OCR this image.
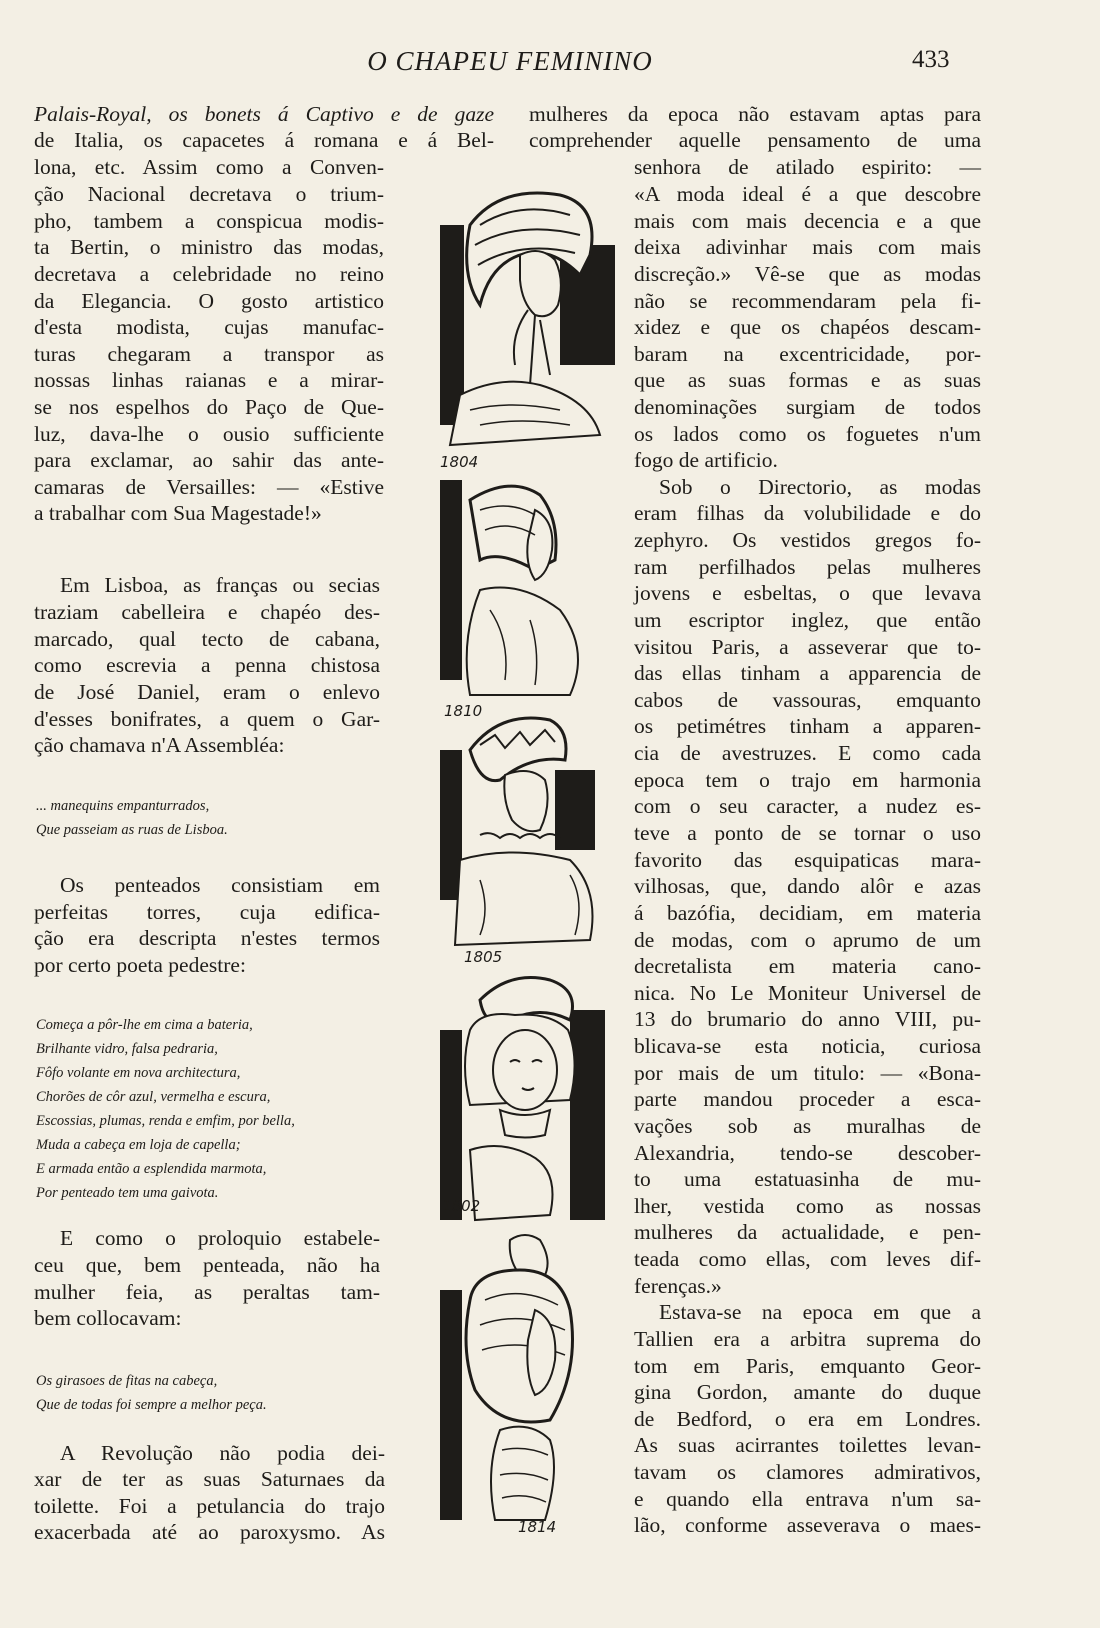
O CHAPEU FEMININO	433
Palais-Royal, os bonets á Captivo e de gaze
de Italia, os capacetes á romana e á Bel-
lona, etc. Assim como a Conven-
ção Nacional decretava o trium-
pho, tambem a conspicua modis-
ta Bertin, o ministro das modas,
decretava a celebridade no reino
da Elegancia. O gosto artistico
d'esta modista, cujas manufac-
turas chegaram a transpor as
nossas linhas raianas e a mirar-
se nos espelhos do Paço de Que-
luz, dava-lhe o ousio sufficiente
para exclamar, ao sahir das ante-
camaras de Versailles: — «Estive
a trabalhar com Sua Magestade!»
Em Lisboa, as franças ou secias
traziam cabelleira e chapéo des-
marcado, qual tecto de cabana,
como escrevia a penna chistosa
de José Daniel, eram o enlevo
d'esses bonifrates, a quem o Gar-
ção chamava n'A Assembléa:
... manequins empanturrados,
Que passeiam as ruas de Lisboa.
Os penteados consistiam em
perfeitas torres, cuja edifica-
ção era descripta n'estes termos
por certo poeta pedestre:
Começa a pôr-lhe em cima a bateria,
Brilhante vidro, falsa pedraria,
Fôfo volante em nova architectura,
Chorões de côr azul, vermelha e escura,
Escossias, plumas, renda e emfim, por bella,
Muda a cabeça em loja de capella;
E armada então a esplendida marmota,
Por penteado tem uma gaivota.
E como o proloquio estabele-
ceu que, bem penteada, não ha
mulher feia, as peraltas tam-
bem collocavam:
Os girasoes de fitas na cabeça,
Que de todas foi sempre a melhor peça.
A Revolução não podia dei-
xar de ter as suas Saturnaes da
toilette. Foi a petulancia do trajo
exacerbada até ao paroxysmo. As
mulheres da epoca não estavam aptas para
comprehender aquelle pensamento de uma
senhora de atilado espirito: —
«A moda ideal é a que descobre
mais com mais decencia e a que
deixa adivinhar mais com mais
discreção.» Vê-se que as modas
não se recommendaram pela fi-
xidez e que os chapéos descam-
baram na excentricidade, por-
que as suas formas e as suas
denominações surgiam de todos
os lados como os foguetes n'um
fogo de artificio.
Sob o Directorio, as modas
eram filhas da volubilidade e do
zephyro. Os vestidos gregos fo-
ram perfilhados pelas mulheres
jovens e esbeltas, o que levava
um escriptor inglez, que então
visitou Paris, a asseverar que to-
das ellas tinham a apparencia de
cabos de vassouras, emquanto
os petimétres tinham a apparen-
cia de avestruzes. E como cada
epoca tem o trajo em harmonia
com o seu caracter, a nudez es-
teve a ponto de se tornar o uso
favorito das esquipaticas mara-
vilhosas, que, dando alôr e azas
á bazófia, decidiam, em materia
de modas, com o aprumo de um
decretalista em materia cano-
nica. No Le Moniteur Universel de
13 do brumario do anno VIII, pu-
blicava-se esta noticia, curiosa
por mais de um titulo: — «Bona-
parte mandou proceder a esca-
vações sob as muralhas de
Alexandria, tendo-se descober-
to uma estatuasinha de mu-
lher, vestida como as nossas
mulheres da actualidade, e pen-
teada como ellas, com leves dif-
ferenças.»
Estava-se na epoca em que a
Tallien era a arbitra suprema do
tom em Paris, emquanto Geor-
gina Gordon, amante do duque
de Bedford, o era em Londres.
As suas acirrantes toilettes levan-
tavam os clamores admirativos,
e quando ella entrava n'um sa-
lão, conforme asseverava o maes-
1804
1810
1805
1802
1814
